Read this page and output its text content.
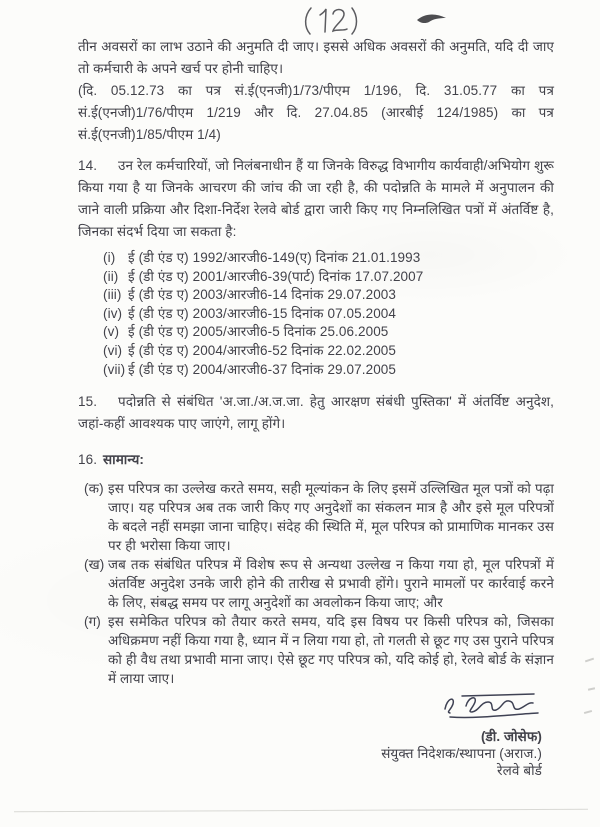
तीन अवसरों का लाभ उठाने की अनुमति दी जाए। इससे अधिक अवसरों की अनुमति, यदि दी जाए तो कर्मचारी के अपने खर्च पर होनी चाहिए।

(दि. 05.12.73 का पत्र सं.ई(एनजी)1/73/पीएम 1/196, दि. 31.05.77 का पत्र सं.ई(एनजी)1/76/पीएम 1/219 और दि. 27.04.85 (आरबीई 124/1985) का पत्र सं.ई(एनजी)1/85/पीएम 1/4)

14. उन रेल कर्मचारियों, जो निलंबनाधीन हैं या जिनके विरुद्ध विभागीय कार्यवाही/अभियोग शुरू किया गया है या जिनके आचरण की जांच की जा रही है, की पदोन्नति के मामले में अनुपालन की जाने वाली प्रक्रिया और दिशा-निर्देश रेलवे बोर्ड द्वारा जारी किए गए निम्नलिखित पत्रों में अंतर्विष्ट है, जिनका संदर्भ दिया जा सकता है:

(i) ई (डी एंड ए) 1992/आरजी6-149(ए) दिनांक 21.01.1993
(ii) ई (डी एंड ए) 2001/आरजी6-39(पार्ट) दिनांक 17.07.2007
(iii) ई (डी एंड ए) 2003/आरजी6-14 दिनांक 29.07.2003
(iv) ई (डी एंड ए) 2003/आरजी6-15 दिनांक 07.05.2004
(v) ई (डी एंड ए) 2005/आरजी6-5 दिनांक 25.06.2005
(vi) ई (डी एंड ए) 2004/आरजी6-52 दिनांक 22.02.2005
(vii) ई (डी एंड ए) 2004/आरजी6-37 दिनांक 29.07.2005

15. पदोन्नति से संबंधित 'अ.जा./अ.ज.जा. हेतु आरक्षण संबंधी पुस्तिका' में अंतर्विष्ट अनुदेश, जहां-कहीं आवश्यक पाए जाएंगे, लागू होंगे।

16. सामान्य:

(क) इस परिपत्र का उल्लेख करते समय, सही मूल्यांकन के लिए इसमें उल्लिखित मूल पत्रों को पढ़ा जाए। यह परिपत्र अब तक जारी किए गए अनुदेशों का संकलन मात्र है और इसे मूल परिपत्रों के बदले नहीं समझा जाना चाहिए। संदेह की स्थिति में, मूल परिपत्र को प्रामाणिक मानकर उस पर ही भरोसा किया जाए।
(ख) जब तक संबंधित परिपत्र में विशेष रूप से अन्यथा उल्लेख न किया गया हो, मूल परिपत्रों में अंतर्विष्ट अनुदेश उनके जारी होने की तारीख से प्रभावी होंगे। पुराने मामलों पर कार्रवाई करने के लिए, संबद्ध समय पर लागू अनुदेशों का अवलोकन किया जाए; और
(ग) इस समेकित परिपत्र को तैयार करते समय, यदि इस विषय पर किसी परिपत्र को, जिसका अधिक्रमण नहीं किया गया है, ध्यान में न लिया गया हो, तो गलती से छूट गए उस पुराने परिपत्र को ही वैध तथा प्रभावी माना जाए। ऐसे छूट गए परिपत्र को, यदि कोई हो, रेलवे बोर्ड के संज्ञान में लाया जाए।
(डी. जोसेफ)
संयुक्त निदेशक/स्थापना (अराज.)
रेलवे बोर्ड
